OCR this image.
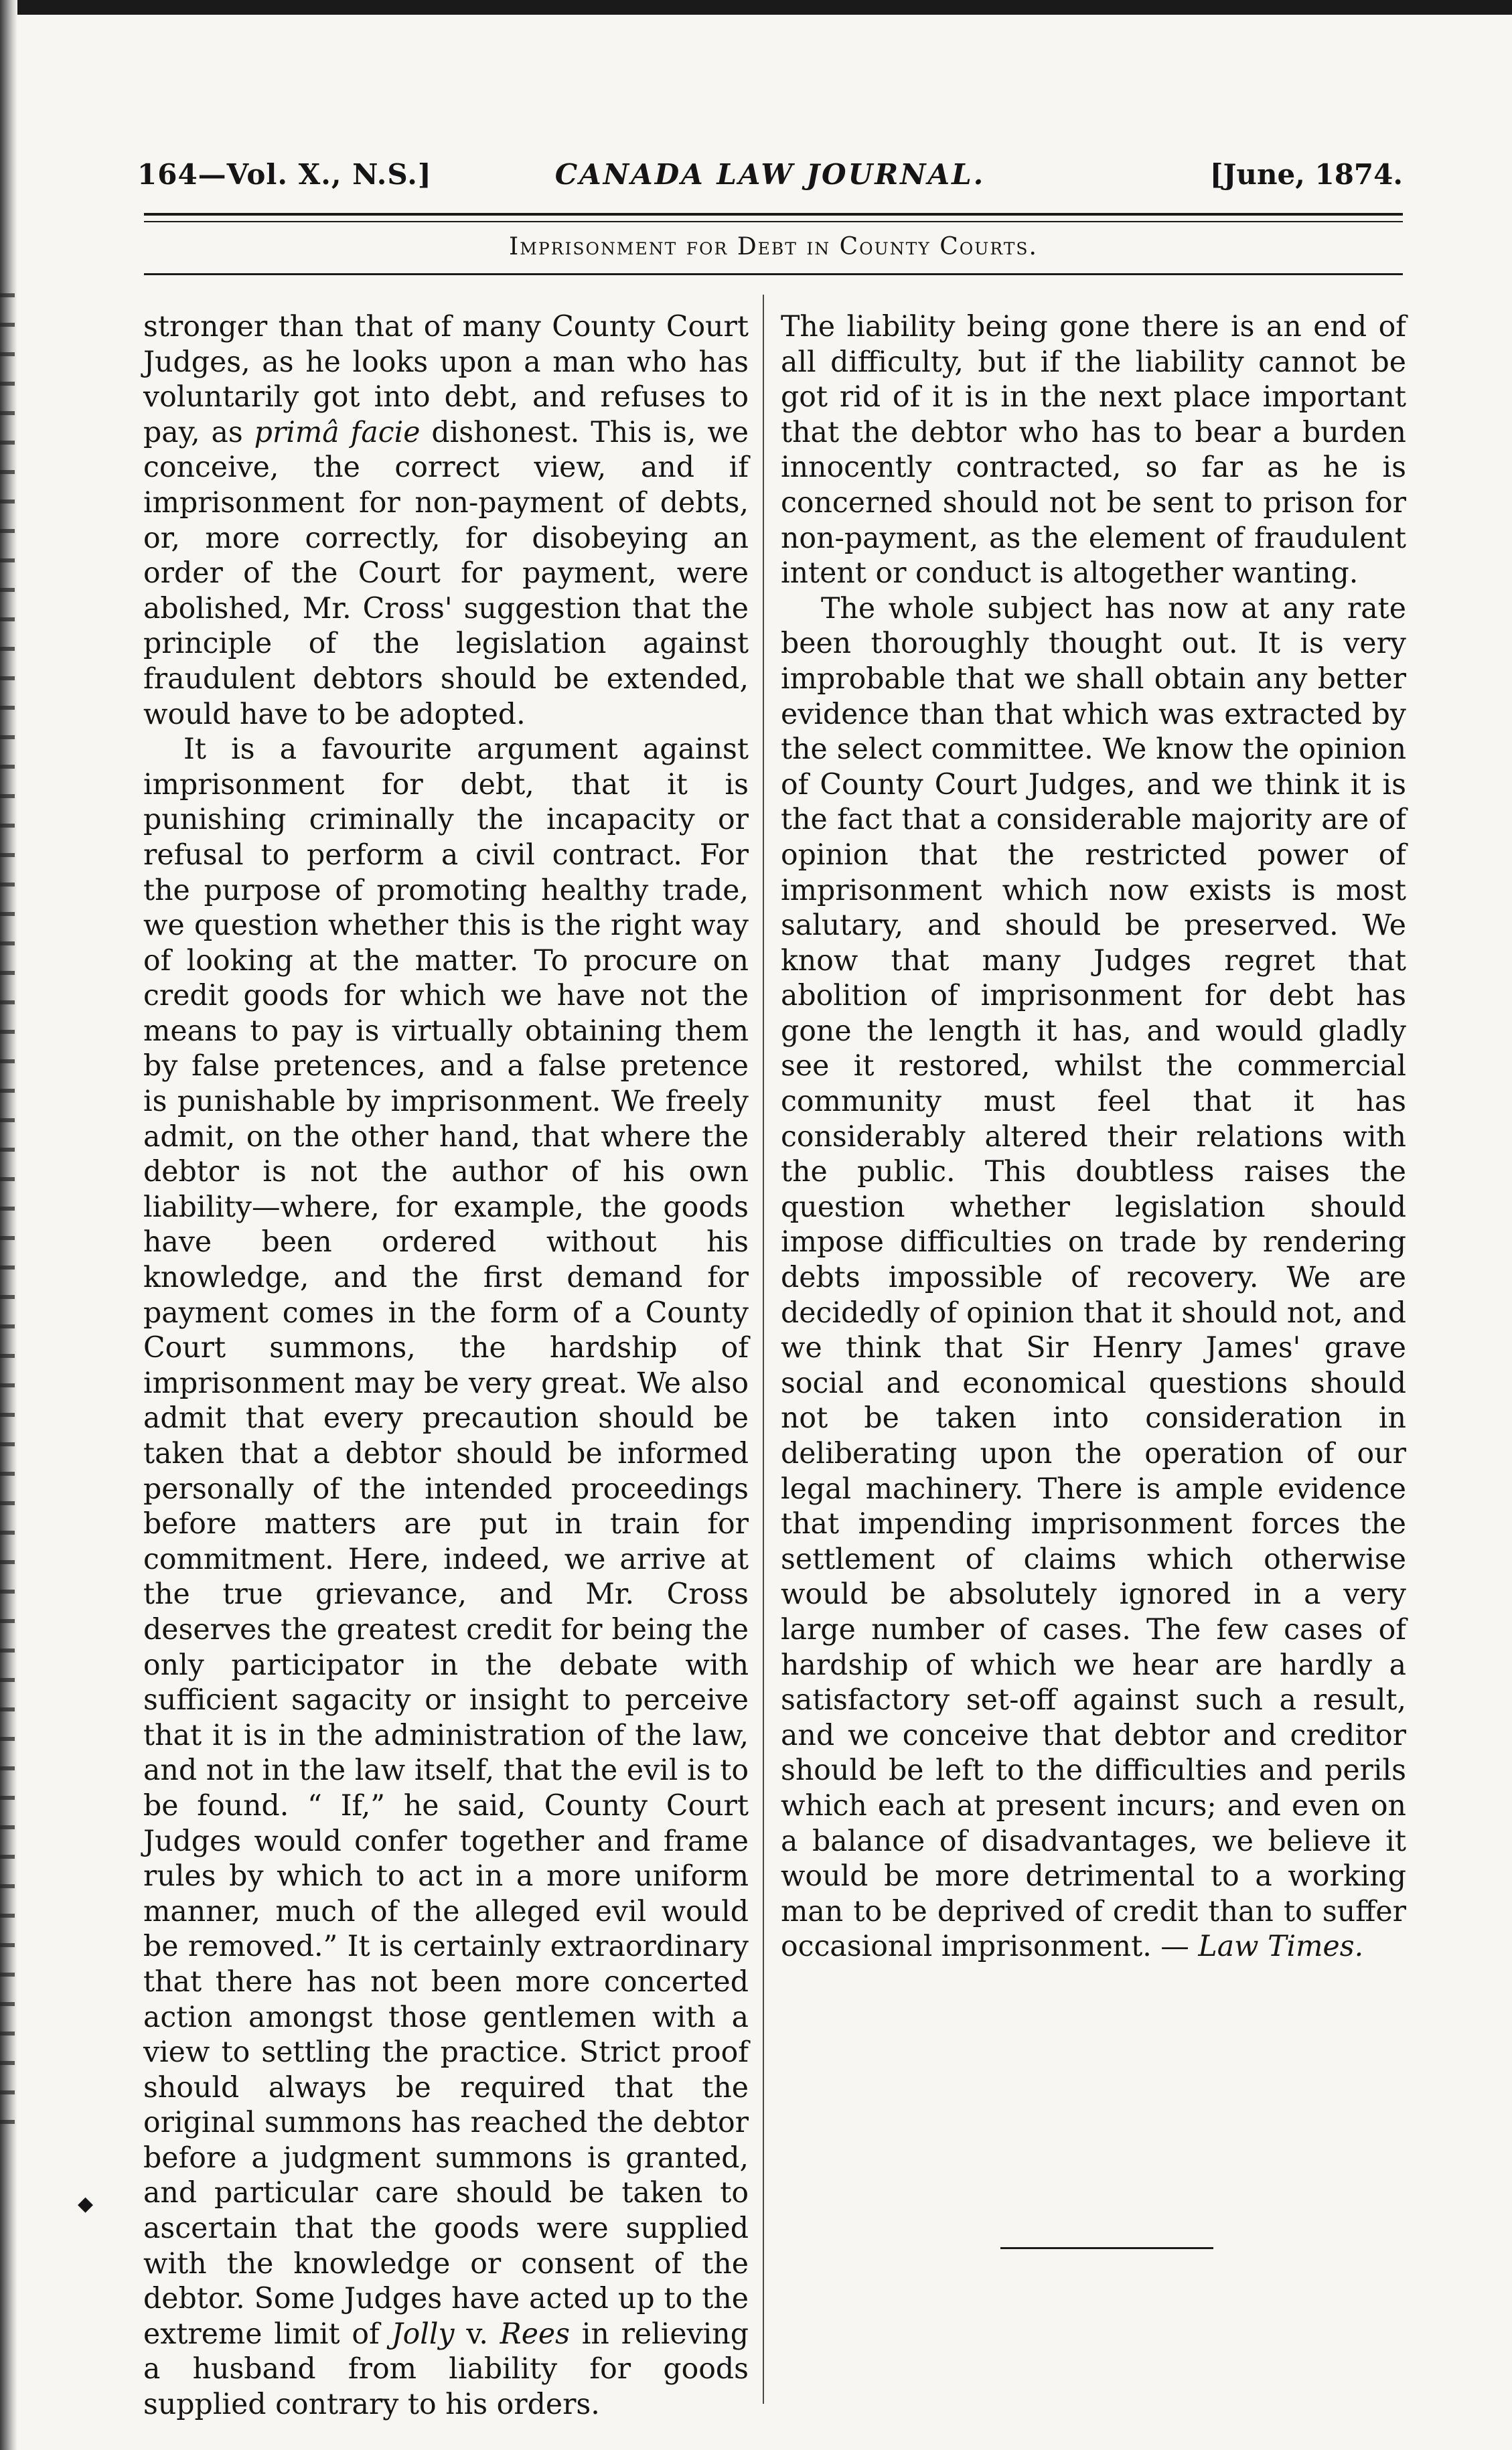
164—Vol. X., N.S.]	CANADA LAW JOURNAL.	[June, 1874.
Imprisonment for Debt in County Courts.

stronger than that of many County Court Judges, as he looks upon a man who has voluntarily got into debt, and refuses to pay, as primâ facie dishonest. This is, we conceive, the correct view, and if imprisonment for non-payment of debts, or, more correctly, for disobeying an order of the Court for payment, were abolished, Mr. Cross' suggestion that the principle of the legislation against fraudulent debtors should be extended, would have to be adopted.

It is a favourite argument against imprisonment for debt, that it is punishing criminally the incapacity or refusal to perform a civil contract. For the purpose of promoting healthy trade, we question whether this is the right way of looking at the matter. To procure on credit goods for which we have not the means to pay is virtually obtaining them by false pretences, and a false pretence is punishable by imprisonment. We freely admit, on the other hand, that where the debtor is not the author of his own liability—where, for example, the goods have been ordered without his knowledge, and the first demand for payment comes in the form of a County Court summons, the hardship of imprisonment may be very great. We also admit that every precaution should be taken that a debtor should be informed personally of the intended proceedings before matters are put in train for commitment. Here, indeed, we arrive at the true grievance, and Mr. Cross deserves the greatest credit for being the only participator in the debate with sufficient sagacity or insight to perceive that it is in the administration of the law, and not in the law itself, that the evil is to be found. “ If,” he said, County Court Judges would confer together and frame rules by which to act in a more uniform manner, much of the alleged evil would be removed.” It is certainly extraordinary that there has not been more concerted action amongst those gentlemen with a view to settling the practice. Strict proof should always be required that the original summons has reached the debtor before a judgment summons is granted, and particular care should be taken to ascertain that the goods were supplied with the knowledge or consent of the debtor. Some Judges have acted up to the extreme limit of Jolly v. Rees in relieving a husband from liability for goods supplied contrary to his orders.

The liability being gone there is an end of all difficulty, but if the liability cannot be got rid of it is in the next place important that the debtor who has to bear a burden innocently contracted, so far as he is concerned should not be sent to prison for non-payment, as the element of fraudulent intent or conduct is altogether wanting.

The whole subject has now at any rate been thoroughly thought out. It is very improbable that we shall obtain any better evidence than that which was extracted by the select committee. We know the opinion of County Court Judges, and we think it is the fact that a considerable majority are of opinion that the restricted power of imprisonment which now exists is most salutary, and should be preserved. We know that many Judges regret that abolition of imprisonment for debt has gone the length it has, and would gladly see it restored, whilst the commercial community must feel that it has considerably altered their relations with the public. This doubtless raises the question whether legislation should impose difficulties on trade by rendering debts impossible of recovery. We are decidedly of opinion that it should not, and we think that Sir Henry James' grave social and economical questions should not be taken into consideration in deliberating upon the operation of our legal machinery. There is ample evidence that impending imprisonment forces the settlement of claims which otherwise would be absolutely ignored in a very large number of cases. The few cases of hardship of which we hear are hardly a satisfactory set-off against such a result, and we conceive that debtor and creditor should be left to the difficulties and perils which each at present incurs; and even on a balance of disadvantages, we believe it would be more detrimental to a working man to be deprived of credit than to suffer occasional imprisonment. — Law Times.

◆
